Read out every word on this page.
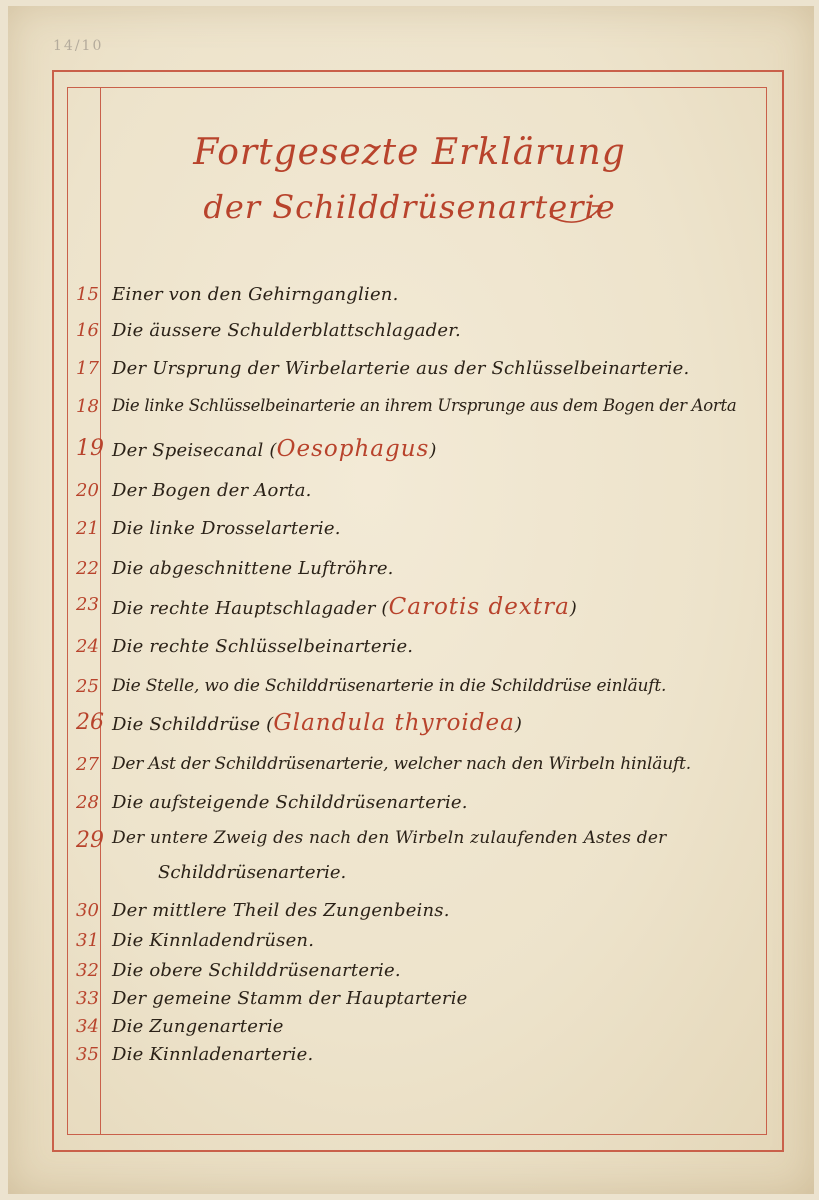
14/10
Fortgesezte Erklärung
der Schilddrüsenarterie
15 Einer von den Gehirnganglien.
16 Die äussere Schulderblattschlagader.
17 Der Ursprung der Wirbelarterie aus der Schlüsselbeinarterie.
18 Die linke Schlüsselbeinarterie an ihrem Ursprunge aus dem Bogen der Aorta
19 Der Speisecanal (Oesophagus)
20 Der Bogen der Aorta.
21 Die linke Drosselarterie.
22 Die abgeschnittene Luftröhre.
23 Die rechte Hauptschlagader (Carotis dextra)
24 Die rechte Schlüsselbeinarterie.
25 Die Stelle, wo die Schilddrüsenarterie in die Schilddrüse einläuft.
26 Die Schilddrüse (Glandula thyroidea)
27 Der Ast der Schilddrüsenarterie, welcher nach den Wirbeln hinläuft.
28 Die aufsteigende Schilddrüsenarterie.
29 Der untere Zweig des nach den Wirbeln zulaufenden Astes der
Schilddrüsenarterie.
30 Der mittlere Theil des Zungenbeins.
31 Die Kinnladendrüsen.
32 Die obere Schilddrüsenarterie.
33 Der gemeine Stamm der Hauptarterie
34 Die Zungenarterie
35 Die Kinnladenarterie.
